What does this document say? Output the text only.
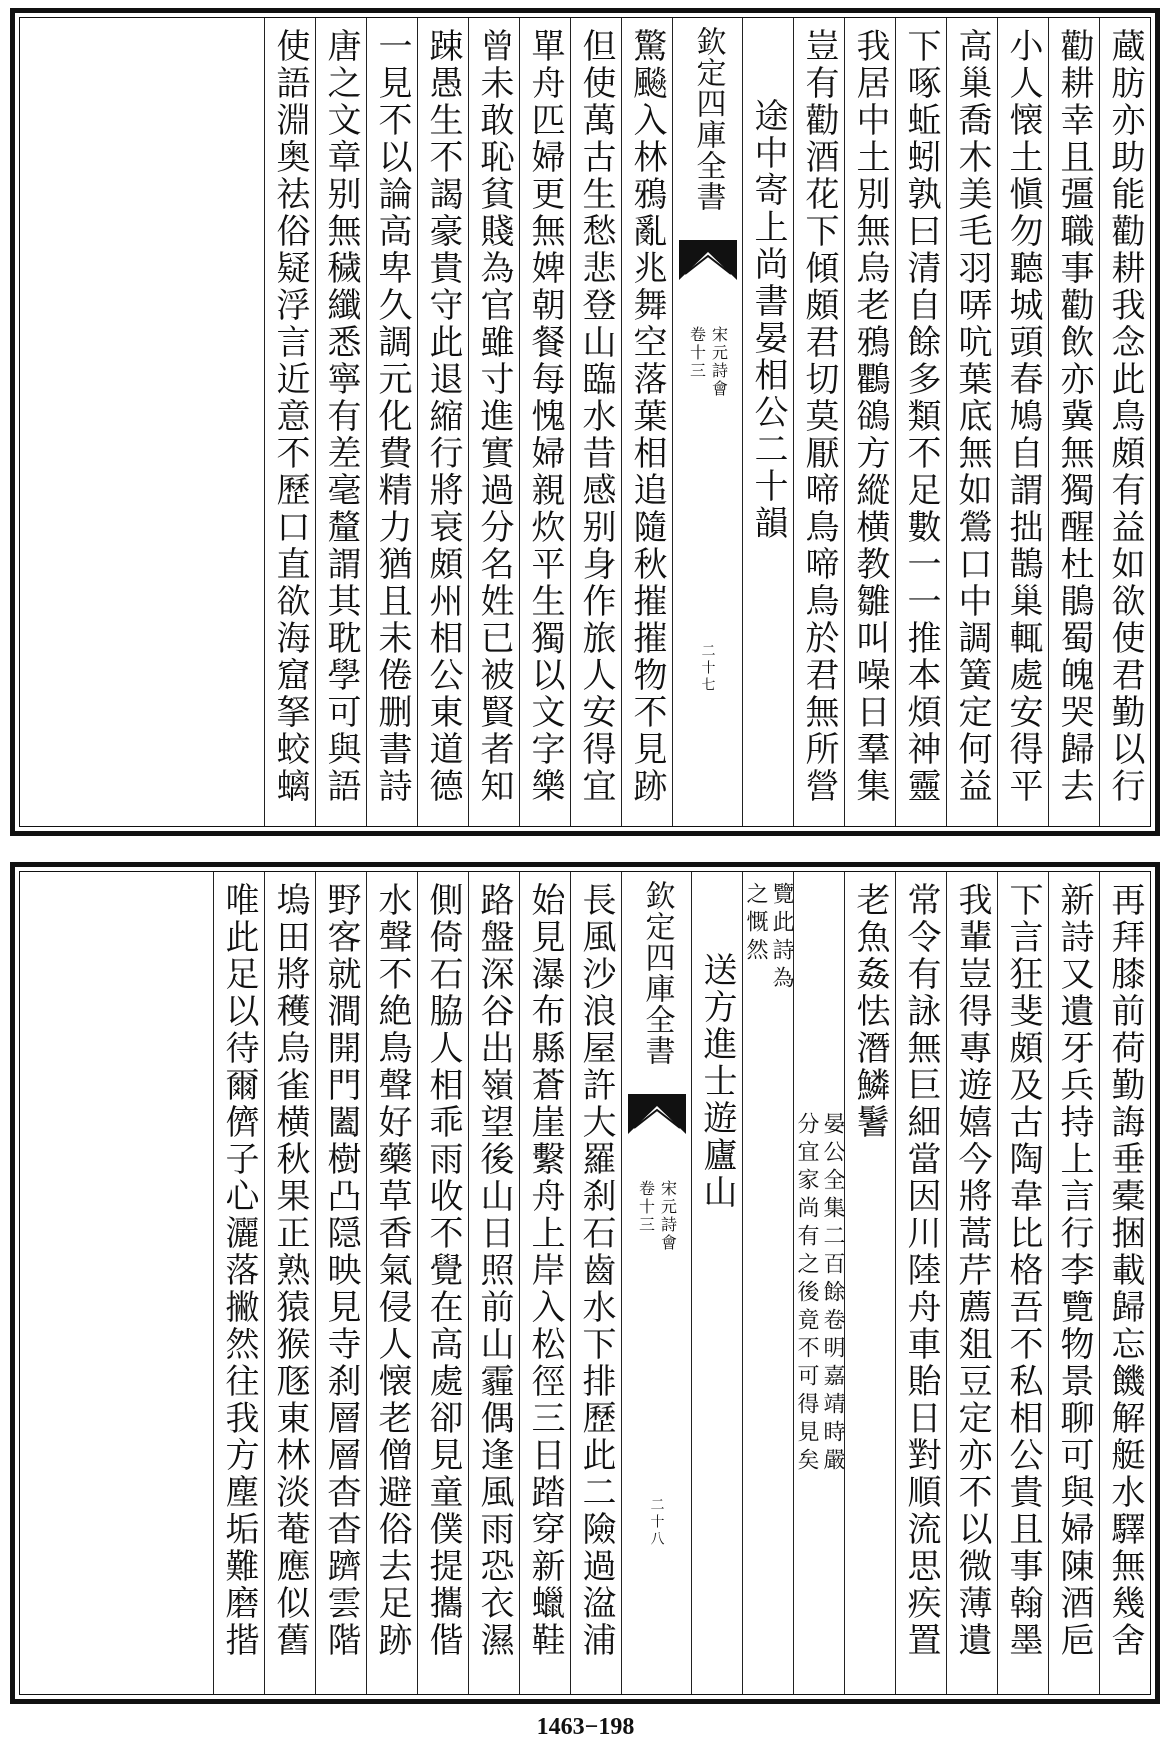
蔵肪亦助能勸耕我念此鳥頗有益如欲使君勤以行
勸耕幸且彊職事勸飲亦冀無獨醒杜鵑蜀魄哭歸去
小人懐土愼勿聽城頭春鳩自謂拙鵲巢輒處安得平
高巢喬木美毛羽哢吭葉底無如鶯口中調簧定何益
下啄蚯蚓孰曰清自餘多類不足數一一推本煩神靈
我居中土別無烏老鴉鸜鵒方縱横教雛叫噪日羣集
豈有勸酒花下傾頗君切莫厭啼鳥啼鳥於君無所營
途中寄上尚書晏相公二十韻
欽定四庫全書
宋元詩會
卷十三
二十七
驚飈入林鴉亂兆舞空落葉相追隨秋摧摧物不見跡
但使萬古生愁悲登山臨水昔感别身作旅人安得宜
單舟匹婦更無婢朝餐每愧婦親炊平生獨以文字樂
曾未敢恥貧賤為官雖寸進實過分名姓已被賢者知
踈愚生不謁豪貴守此退縮行將衰頗州相公東道德
一見不以論高卑久調元化費精力猶且未倦删書詩
唐之文章别無穢纖悉寧有差毫釐謂其耽學可與語
使語淵奥祛俗疑浮言近意不歷口直欲海窟拏蛟螭
再拜膝前荷勤誨垂橐捆載歸忘饑解艇水驛無幾舍
新詩又遺牙兵持上言行李覽物景聊可與婦陳酒巵
下言狂斐頗及古陶韋比格吾不私相公貴且事翰墨
我輩豈得專遊嬉今將蒿芹薦爼豆定亦不以微薄遺
常令有詠無巨細當因川陸舟車貽日對順流思疾置
老魚姦怯潛鱗鬐
晏公全集二百餘卷明嘉靖時嚴
分宜家尚有之後竟不可得見矣
覽此詩為
之慨然
送方進士遊廬山
欽定四庫全書
宋元詩會
卷十三
二十八
長風沙浪屋許大羅刹石齒水下排歷此二險過湓浦
始見瀑布縣蒼崖繫舟上岸入松徑三日踏穿新蠟鞋
路盤深谷出嶺望後山日照前山霾偶逢風雨恐衣濕
側倚石脇人相乖雨收不覺在高處卻見童僕提攜偕
水聲不絶鳥聲好藥草香氣侵人懐老僧避俗去足跡
野客就澗開門闔樹凸隠映見寺刹層層杳杳躋雲階
塢田將穫烏雀横秋果正熟猿猴豗東林淡菴應似舊
唯此足以待爾儕子心灑落撇然往我方塵垢難磨揩
1463−198
